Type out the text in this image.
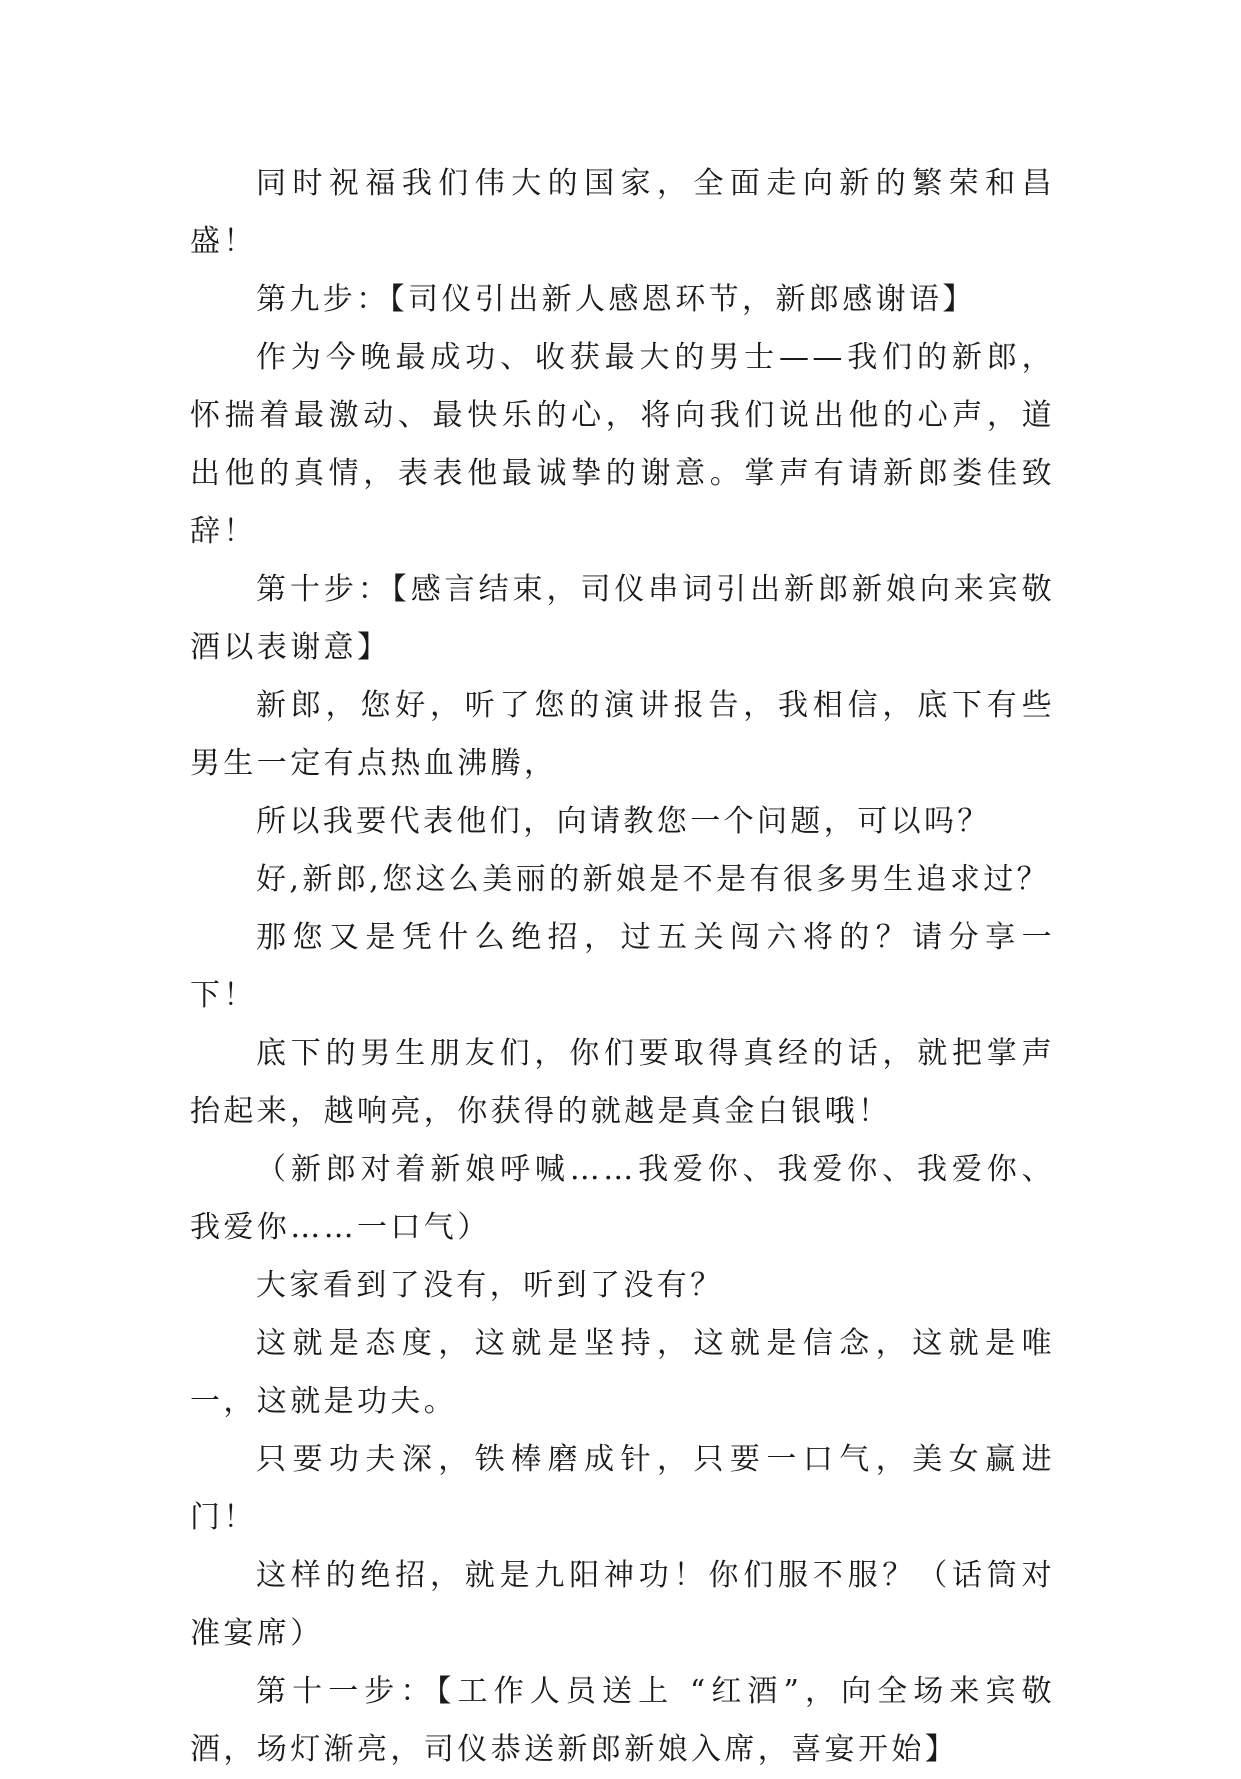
同时祝福我们伟大的国家，全面走向新的繁荣和昌盛！

第九步：【司仪引出新人感恩环节，新郎感谢语】

作为今晚最成功、收获最大的男士——我们的新郎，怀揣着最激动、最快乐的心，将向我们说出他的心声，道出他的真情，表表他最诚挚的谢意。掌声有请新郎娄佳致辞！

第十步：【感言结束，司仪串词引出新郎新娘向来宾敬酒以表谢意】

新郎，您好，听了您的演讲报告，我相信，底下有些男生一定有点热血沸腾，

所以我要代表他们，向请教您一个问题，可以吗？

好,新郎,您这么美丽的新娘是不是有很多男生追求过？

那您又是凭什么绝招，过五关闯六将的？请分享一下！

底下的男生朋友们，你们要取得真经的话，就把掌声抬起来，越响亮，你获得的就越是真金白银哦！

（新郎对着新娘呼喊……我爱你、我爱你、我爱你、我爱你……一口气）

大家看到了没有，听到了没有？

这就是态度，这就是坚持，这就是信念，这就是唯一，这就是功夫。

只要功夫深，铁棒磨成针，只要一口气，美女赢进门！

这样的绝招，就是九阳神功！你们服不服？（话筒对准宴席）

第十一步：【工作人员送上 “红酒”，向全场来宾敬酒，场灯渐亮，司仪恭送新郎新娘入席，喜宴开始】
